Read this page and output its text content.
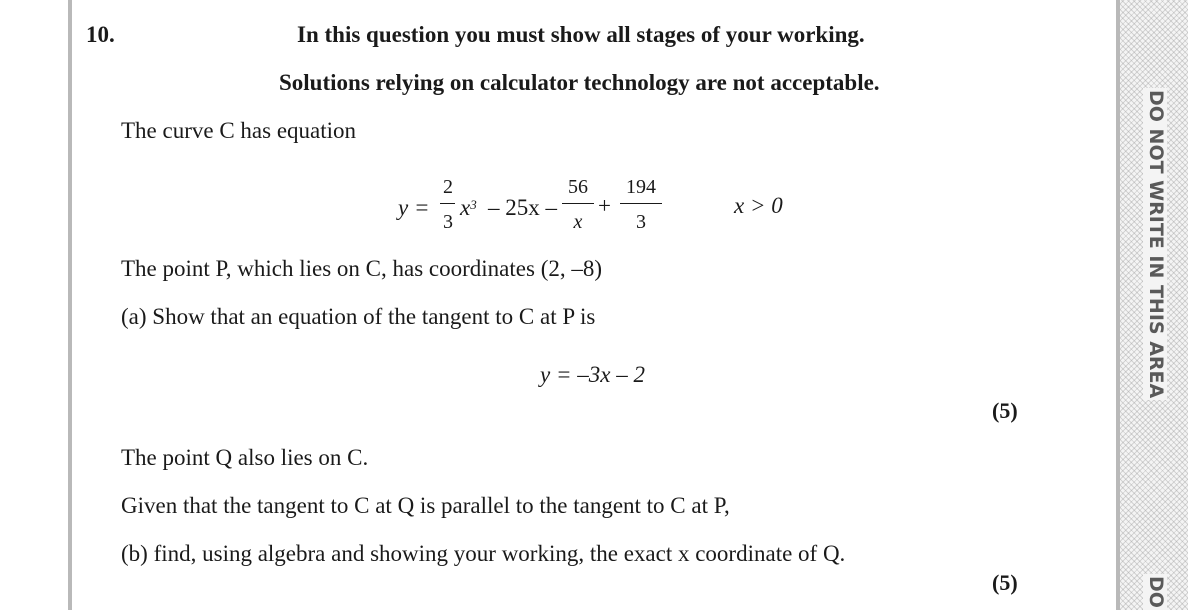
DO NOT WRITE IN THIS AREA
DO
10.	In this question you must show all stages of your working.
Solutions relying on calculator technology are not acceptable.
The curve C has equation
y =
2
3
$x^3 - 25x$ –
56
x
+
194
3
x > 0
The point P, which lies on C, has coordinates (2, –8)
(a) Show that an equation of the tangent to C at P is
y = –3x – 2
(5)
The point Q also lies on C.
Given that the tangent to C at Q is parallel to the tangent to C at P,
(b) find, using algebra and showing your working, the exact x coordinate of Q.
(5)
